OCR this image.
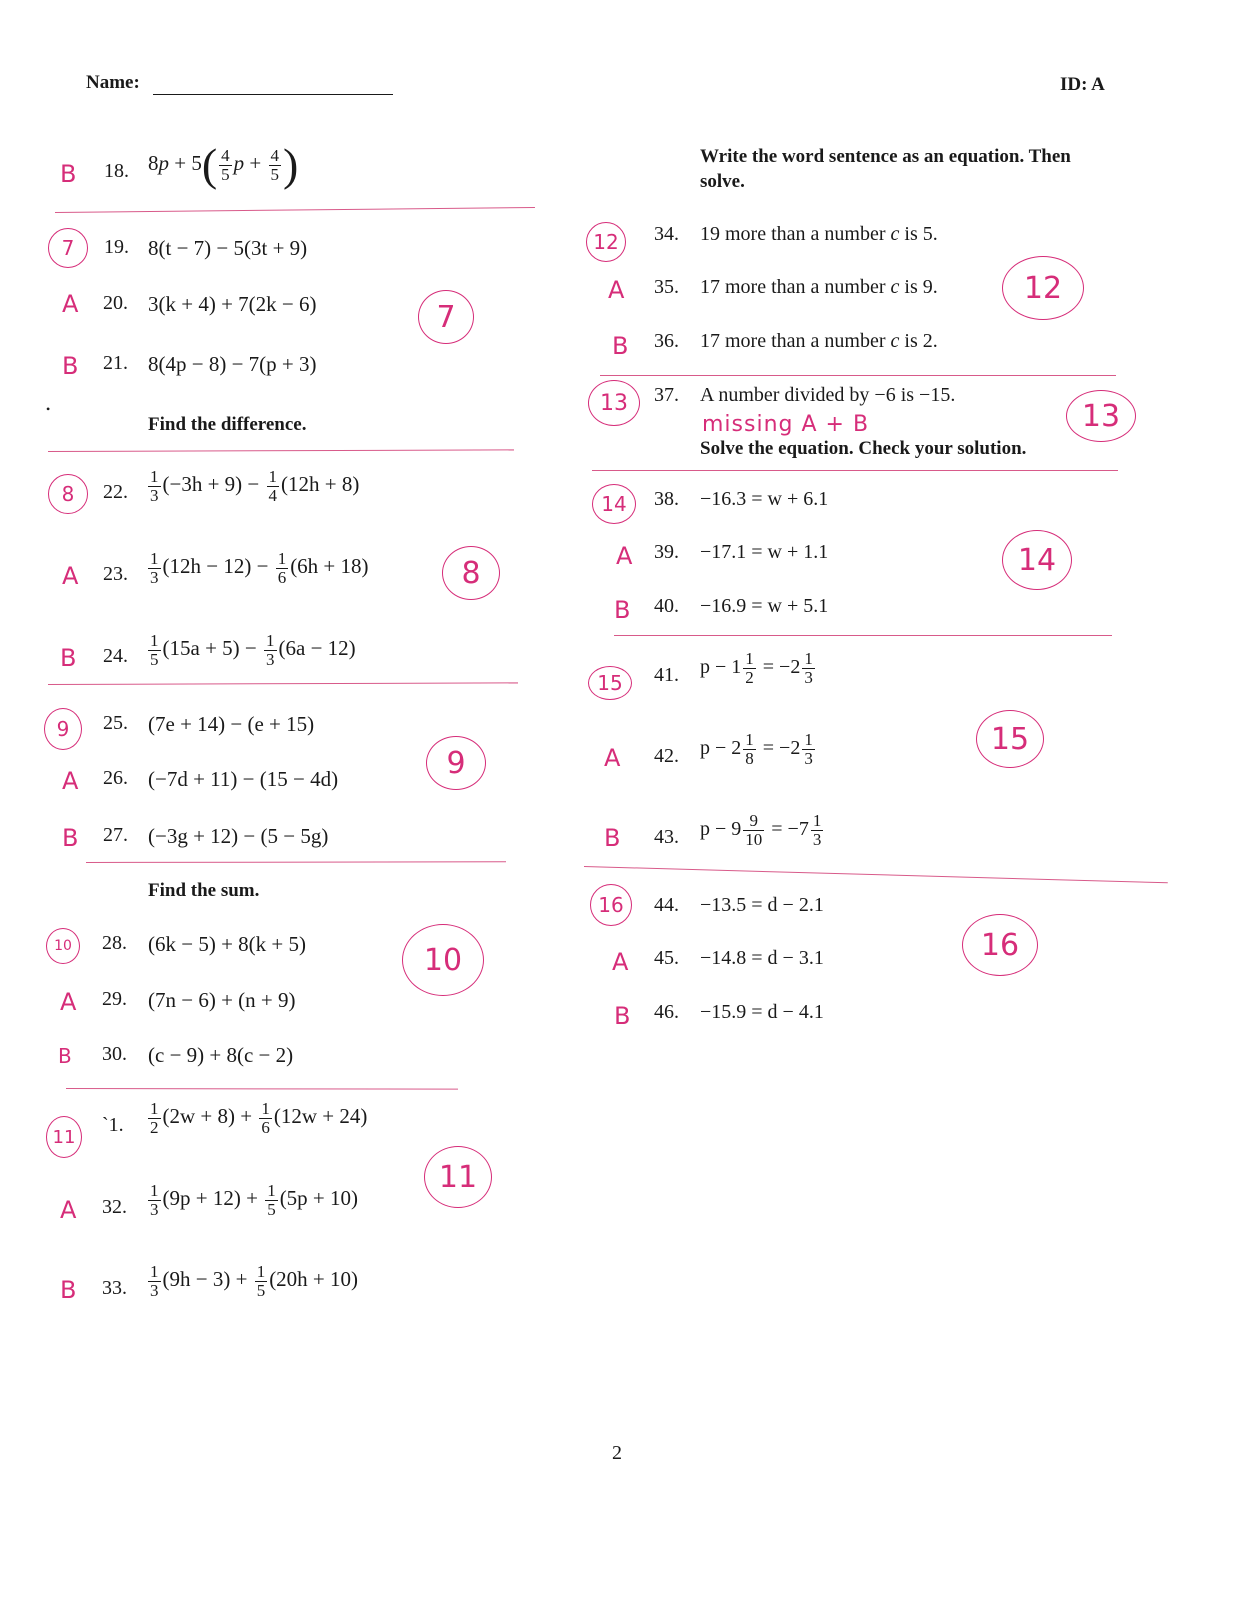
Name:	ID: A
B 18. $8p + 5( \frac{4}{5}$ $p + \frac{4}{5}$ )
7	19. 8(t − 7) − 5(3t + 9)
A 20. 3(k + 4) + 7(2k − 6)	7
B 21. 8(4p − 8) − 7(p + 3)
•
Find the difference.
8	22. $\frac{1}{3} (-3h + 9) - \frac{1}{4} (12h + 8)$
A 23. $\frac{1}{3} (12h - 12) - \frac{1}{6} (6h + 18)$	8
B 24. $\frac{1}{5} (15a + 5) - \frac{1}{3} (6a - 12)$
9	25. (7e + 14) − (e + 15)
A 26. (−7d + 11) − (15 − 4d)	9
B 27. (−3g + 12) − (5 − 5g)
Find the sum.
10	28. (6k − 5) + 8(k + 5)	10
A 29. (7n − 6) + (n + 9)
B 30. (c − 9) + 8(c − 2)
11
`1. $\frac{1}{2} (2w + 8) + \frac{1}{6} (12w + 24)$
11
A 32. $\frac{1}{3} (9p + 12) + \frac{1}{5} (5p + 10)$
B 33. $\frac{1}{3} (9h - 3) + \frac{1}{5} (20h + 10)$
Write the word sentence as an equation. Then
solve.
12	34. 19 more than a number c is 5.
A 35. 17 more than a number c is 9.	12
B 36. 17 more than a number c is 2.
13	37. A number divided by −6 is −15.
missing A + B	13
Solve the equation. Check your solution.
14	38. −16.3 = w + 6.1
A 39. −17.1 = w + 1.1	14
B 40. −16.9 = w + 5.1
15	41. $p - 1 \frac{1}{2} = -2 \frac{1}{3}$
A 42. $p - 2 \frac{1}{8} = -2 \frac{1}{3}$	15
B 43. $p - 9 \frac{9}{10} = -7 \frac{1}{3}$
16	44. −13.5 = d − 2.1
16
A 45. −14.8 = d − 3.1
B 46. −15.9 = d − 4.1
2
